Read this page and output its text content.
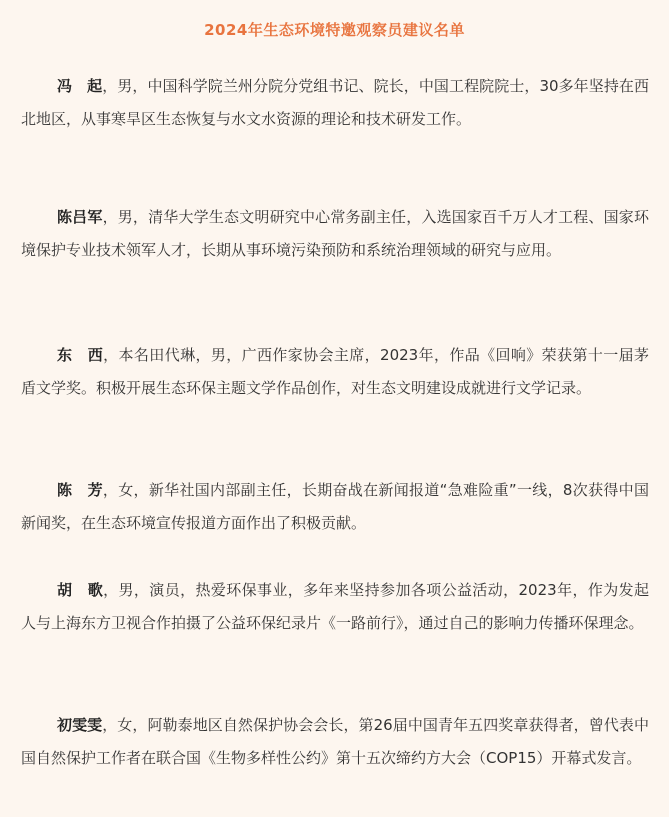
2024年生态环境特邀观察员建议名单

冯　起，男，中国科学院兰州分院分党组书记、院长，中国工程院院士，30多年坚持在西北地区，从事寒旱区生态恢复与水文水资源的理论和技术研发工作。

陈吕军，男，清华大学生态文明研究中心常务副主任，入选国家百千万人才工程、国家环境保护专业技术领军人才，长期从事环境污染预防和系统治理领域的研究与应用。

东　西，本名田代琳，男，广西作家协会主席，2023年，作品《回响》荣获第十一届茅盾文学奖。积极开展生态环保主题文学作品创作，对生态文明建设成就进行文学记录。

陈　芳，女，新华社国内部副主任，长期奋战在新闻报道“急难险重”一线，8次获得中国新闻奖，在生态环境宣传报道方面作出了积极贡献。

胡　歌，男，演员，热爱环保事业，多年来坚持参加各项公益活动，2023年，作为发起人与上海东方卫视合作拍摄了公益环保纪录片《一路前行》，通过自己的影响力传播环保理念。

初雯雯，女，阿勒泰地区自然保护协会会长，第26届中国青年五四奖章获得者，曾代表中国自然保护工作者在联合国《生物多样性公约》第十五次缔约方大会（COP15）开幕式发言。
